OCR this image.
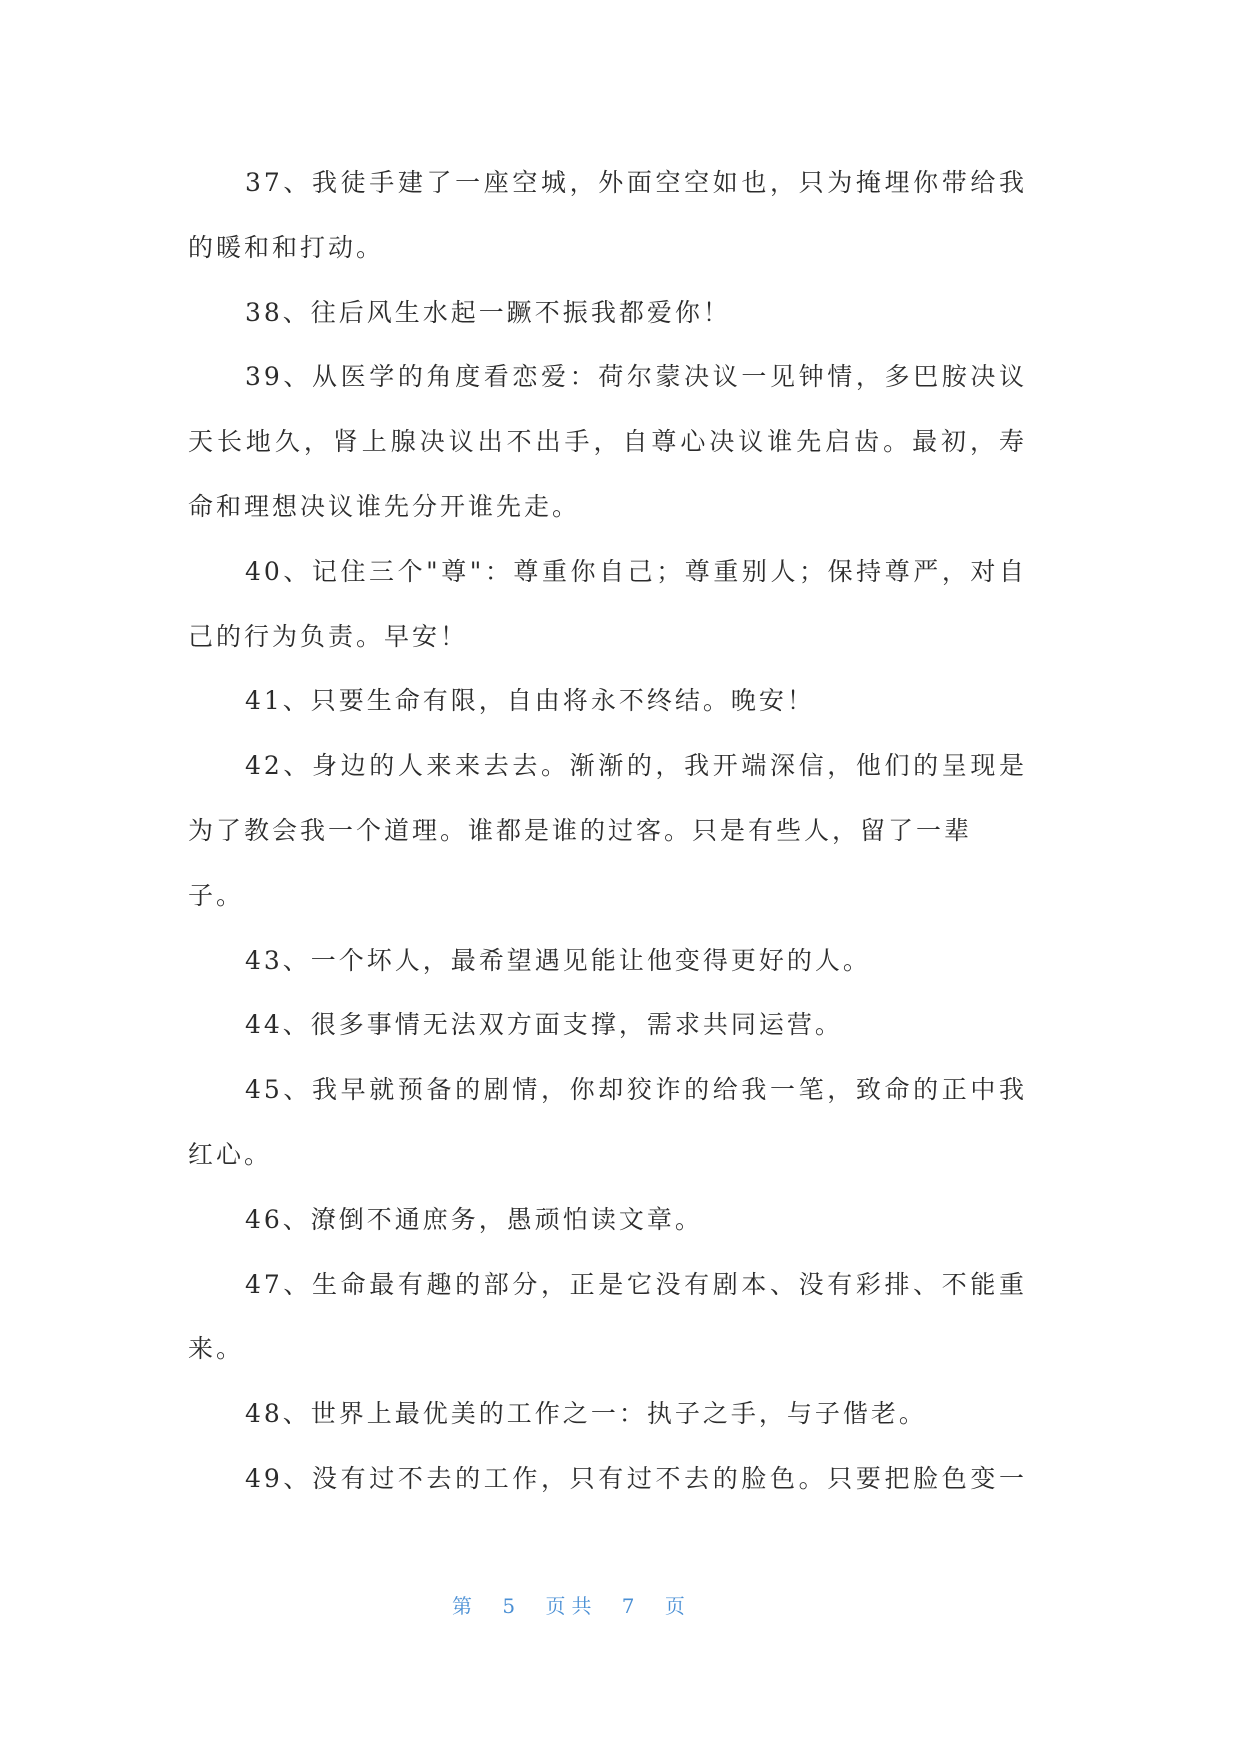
37、我徒手建了一座空城，外面空空如也，只为掩埋你带给我
的暖和和打动。
38、往后风生水起一蹶不振我都爱你！
39、从医学的角度看恋爱：荷尔蒙决议一见钟情，多巴胺决议
天长地久，肾上腺决议出不出手，自尊心决议谁先启齿。最初，寿
命和理想决议谁先分开谁先走。
40、记住三个"尊"：尊重你自己；尊重别人；保持尊严，对自
己的行为负责。早安！
41、只要生命有限，自由将永不终结。晚安！
42、身边的人来来去去。渐渐的，我开端深信，他们的呈现是
为了教会我一个道理。谁都是谁的过客。只是有些人，留了一辈
子。
43、一个坏人，最希望遇见能让他变得更好的人。
44、很多事情无法双方面支撑，需求共同运营。
45、我早就预备的剧情，你却狡诈的给我一笔，致命的正中我
红心。
46、潦倒不通庶务，愚顽怕读文章。
47、生命最有趣的部分，正是它没有剧本、没有彩排、不能重
来。
48、世界上最优美的工作之一：执子之手，与子偕老。
49、没有过不去的工作，只有过不去的脸色。只要把脸色变一
第 5 页共 7 页
